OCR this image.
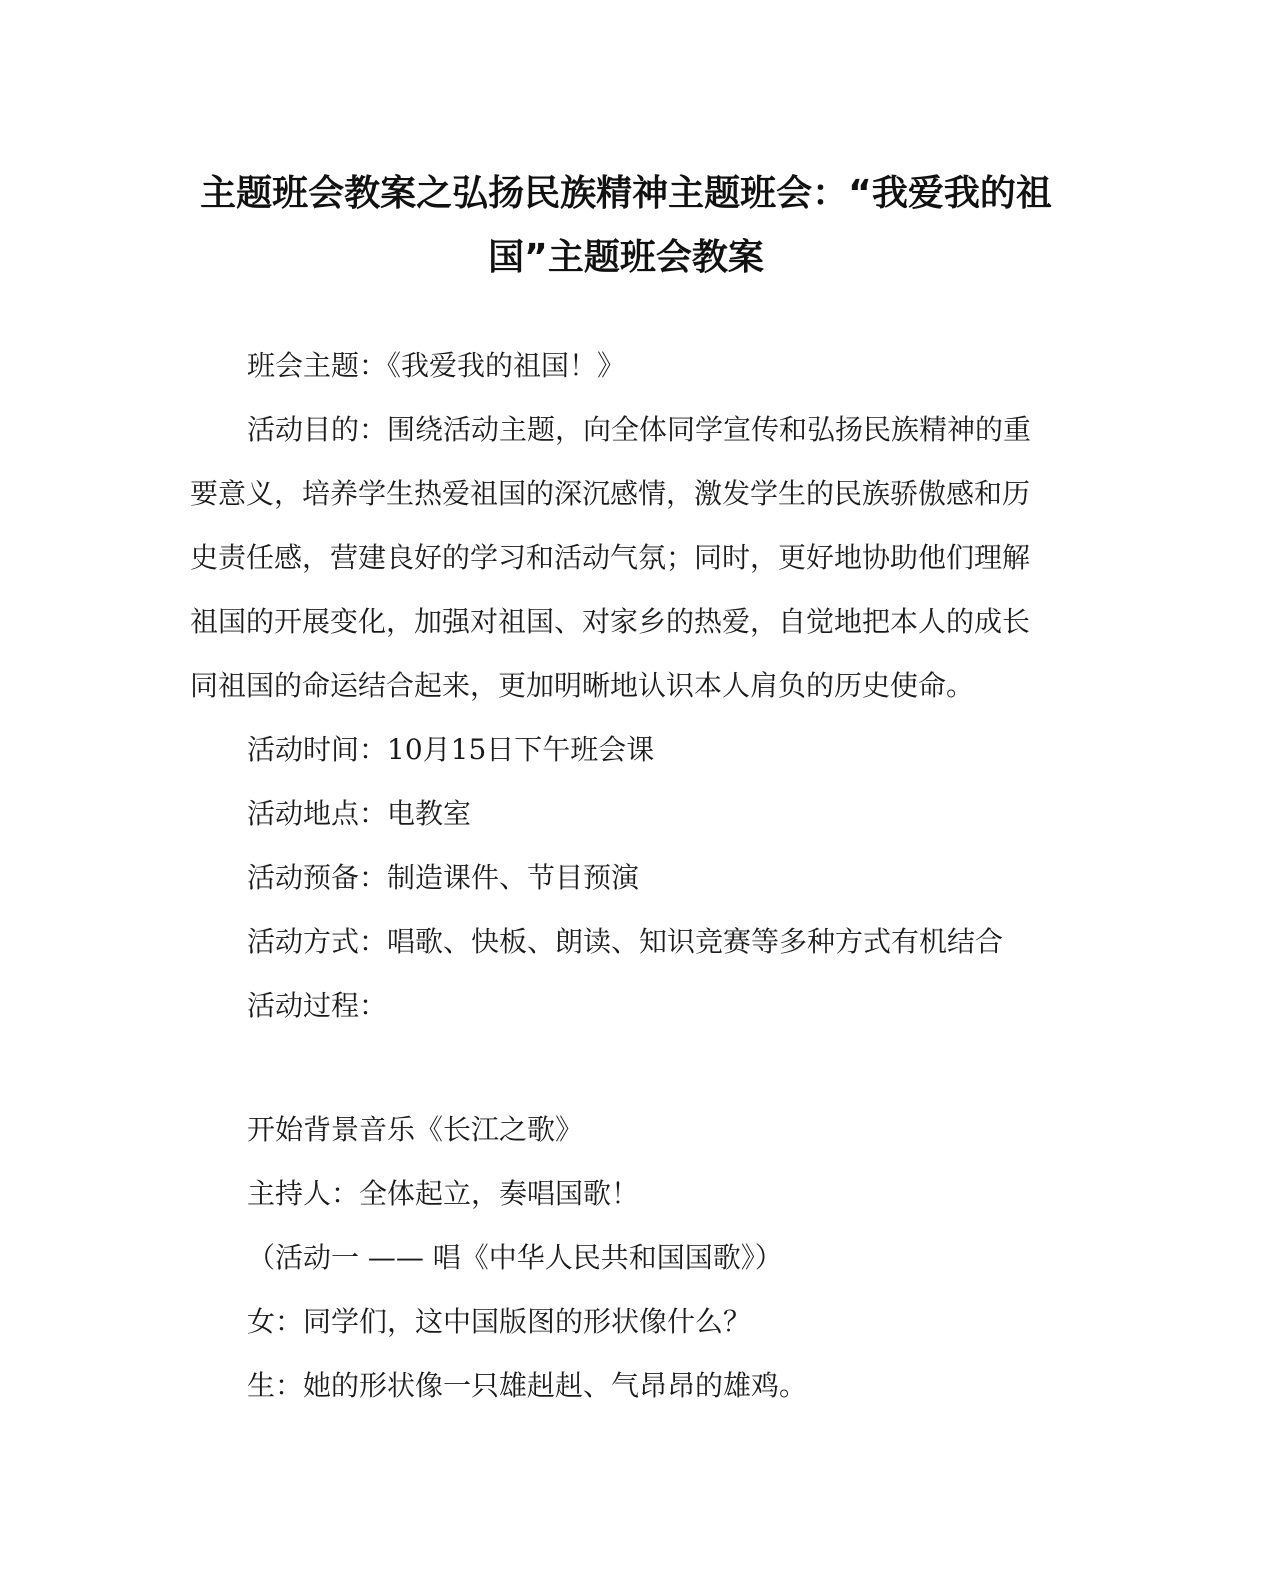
主题班会教案之弘扬民族精神主题班会：“我爱我的祖国”主题班会教案
班会主题：《我爱我的祖国！》
活动目的：围绕活动主题，向全体同学宣传和弘扬民族精神的重
要意义，培养学生热爱祖国的深沉感情，激发学生的民族骄傲感和历
史责任感，营建良好的学习和活动气氛；同时，更好地协助他们理解
祖国的开展变化，加强对祖国、对家乡的热爱，自觉地把本人的成长
同祖国的命运结合起来，更加明晰地认识本人肩负的历史使命。
活动时间：10月15日下午班会课
活动地点：电教室
活动预备：制造课件、节目预演
活动方式：唱歌、快板、朗读、知识竞赛等多种方式有机结合
活动过程：
开始背景音乐《长江之歌》
主持人：全体起立，奏唱国歌！
（活动一 —— 唱《中华人民共和国国歌》）
女：同学们，这中国版图的形状像什么？
生：她的形状像一只雄赳赳、气昂昂的雄鸡。
